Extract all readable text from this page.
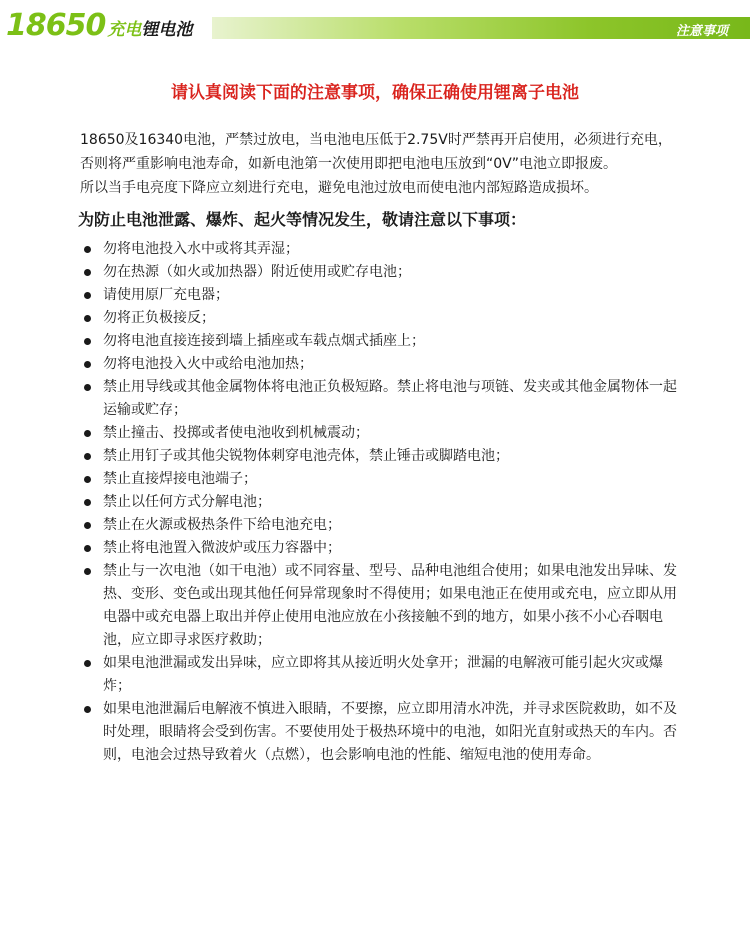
18650 充电 锂电池	注意事项
请认真阅读下面的注意事项，确保正确使用锂离子电池

18650及16340电池，严禁过放电，当电池电压低于2.75V时严禁再开启使用，必须进行充电，否则将严重影响电池寿命，如新电池第一次使用即把电池电压放到“0V”电池立即报废。

所以当手电亮度下降应立刻进行充电，避免电池过放电而使电池内部短路造成损坏。

为防止电池泄露、爆炸、起火等情况发生，敬请注意以下事项：
勿将电池投入水中或将其弄湿；
勿在热源（如火或加热器）附近使用或贮存电池；
请使用原厂充电器；
勿将正负极接反；
勿将电池直接连接到墙上插座或车载点烟式插座上；
勿将电池投入火中或给电池加热；
禁止用导线或其他金属物体将电池正负极短路。禁止将电池与项链、发夹或其他金属物体一起运输或贮存；
禁止撞击、投掷或者使电池收到机械震动；
禁止用钉子或其他尖锐物体刺穿电池壳体，禁止锤击或脚踏电池；
禁止直接焊接电池端子；
禁止以任何方式分解电池；
禁止在火源或极热条件下给电池充电；
禁止将电池置入微波炉或压力容器中；
禁止与一次电池（如干电池）或不同容量、型号、品种电池组合使用；如果电池发出异味、发热、变形、变色或出现其他任何异常现象时不得使用；如果电池正在使用或充电，应立即从用电器中或充电器上取出并停止使用电池应放在小孩接触不到的地方，如果小孩不小心吞咽电池，应立即寻求医疗救助；
如果电池泄漏或发出异味，应立即将其从接近明火处拿开；泄漏的电解液可能引起火灾或爆炸；
如果电池泄漏后电解液不慎进入眼睛，不要擦，应立即用清水冲洗，并寻求医院救助，如不及时处理，眼睛将会受到伤害。不要使用处于极热环境中的电池，如阳光直射或热天的车内。否则，电池会过热导致着火（点燃），也会影响电池的性能、缩短电池的使用寿命。
